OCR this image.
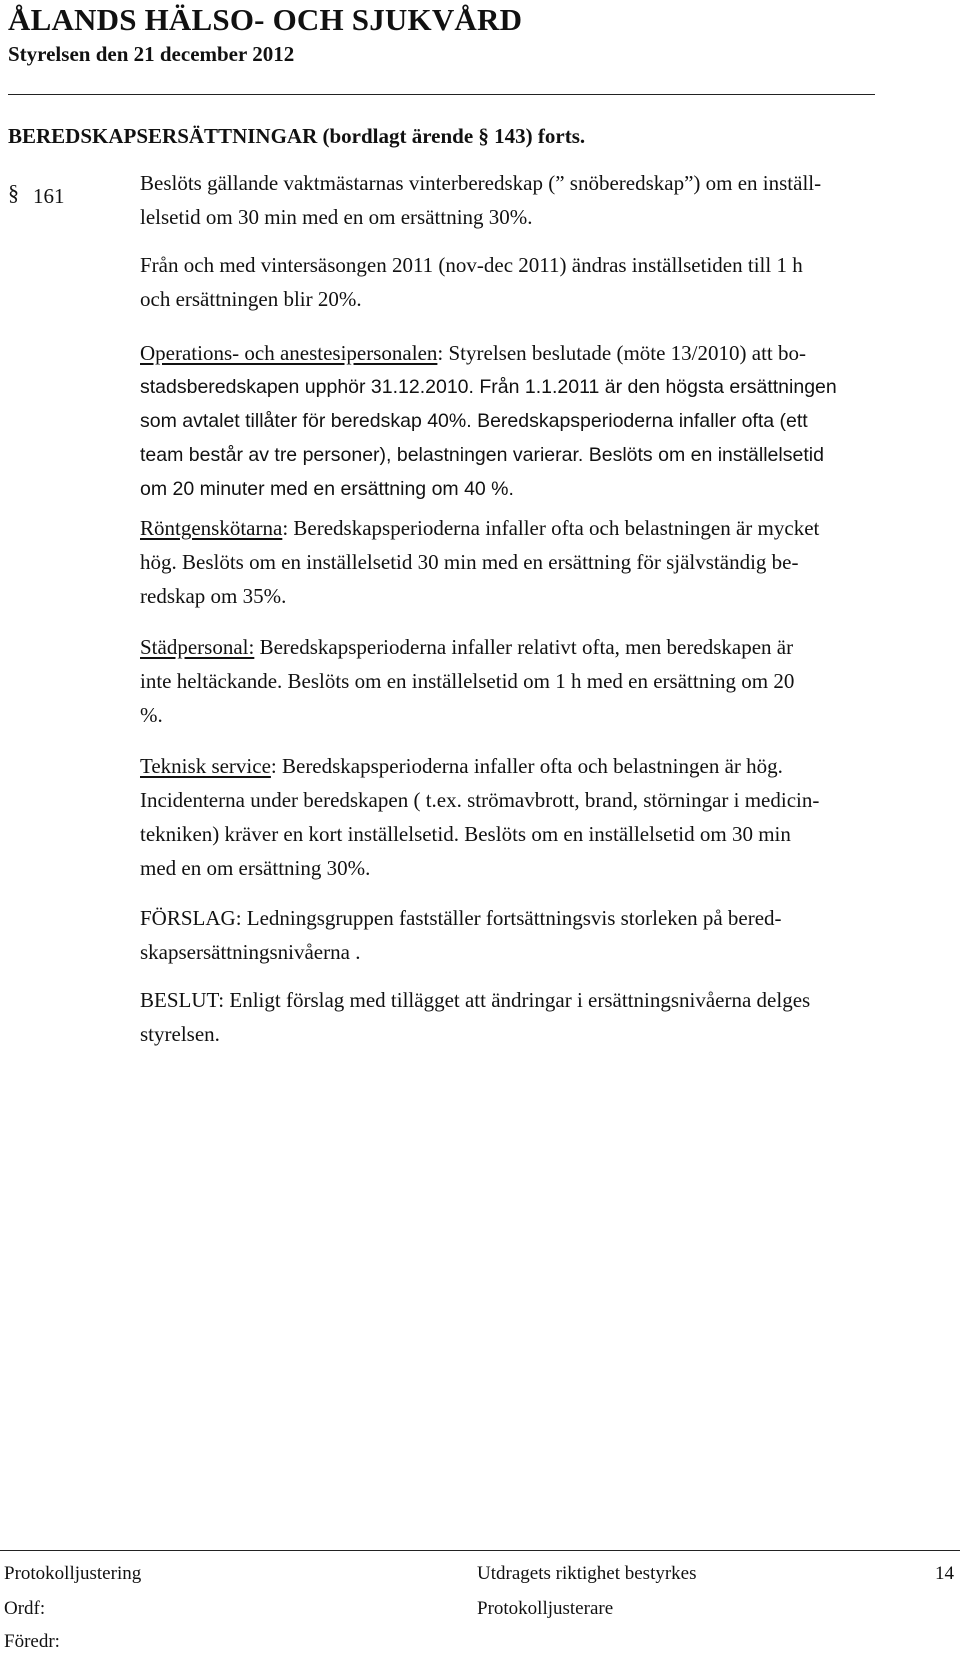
ÅLANDS HÄLSO- OCH SJUKVÅRD
Styrelsen den 21 december 2012
BEREDSKAPSERSÄTTNINGAR (bordlagt ärende § 143) forts.
§ 161
Beslöts gällande vaktmästarnas vinterberedskap (” snöberedskap”) om en inställ-
lelsetid om 30 min med en om ersättning 30%.
Från och med vintersäsongen 2011 (nov-dec 2011) ändras inställsetiden till 1 h
och ersättningen blir 20%.
Operations- och anestesipersonalen: Styrelsen beslutade (möte 13/2010) att bo-
stadsberedskapen upphör 31.12.2010. Från 1.1.2011 är den högsta ersättningen
som avtalet tillåter för beredskap 40%. Beredskapsperioderna infaller ofta (ett
team består av tre personer), belastningen varierar. Beslöts om en inställelsetid
om 20 minuter med en ersättning om 40 %.
Röntgenskötarna: Beredskapsperioderna infaller ofta och belastningen är mycket
hög. Beslöts om en inställelsetid 30 min med en ersättning för självständig be-
redskap om 35%.
Städpersonal: Beredskapsperioderna infaller relativt ofta, men beredskapen är
inte heltäckande. Beslöts om en inställelsetid om 1 h med en ersättning om 20
%.
Teknisk service: Beredskapsperioderna infaller ofta och belastningen är hög.
Incidenterna under beredskapen ( t.ex. strömavbrott, brand, störningar i medicin-
tekniken) kräver en kort inställelsetid. Beslöts om en inställelsetid om 30 min
med en om ersättning 30%.
FÖRSLAG: Ledningsgruppen fastställer fortsättningsvis storleken på bered-
skapsersättningsnivåerna .
BESLUT: Enligt förslag med tillägget att ändringar i ersättningsnivåerna delges
styrelsen.
Protokolljustering	Utdragets riktighet bestyrkes	14
Ordf:	Protokolljusterare
Föredr:
